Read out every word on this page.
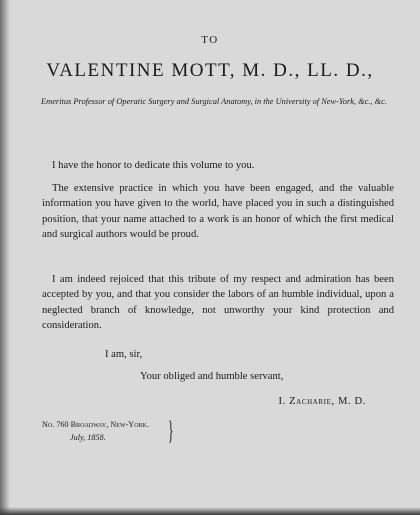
TO
VALENTINE MOTT, M. D., LL. D.,
Emeritus Professor of Operatic Surgery and Surgical Anatomy, in the University of New-York, &c., &c.
I have the honor to dedicate this volume to you.
The extensive practice in which you have been engaged, and the valuable information you have given to the world, have placed you in such a distinguished position, that your name attached to a work is an honor of which the first medical and surgical authors would be proud.
I am indeed rejoiced that this tribute of my respect and admiration has been accepted by you, and that you consider the labors of an humble individual, upon a neglected branch of knowledge, not unworthy your kind protection and consideration.
I am, sir,
Your obliged and humble servant,
I. Zacharie, M. D.
No. 760 Broadway, New-York.
July, 1858.	}
